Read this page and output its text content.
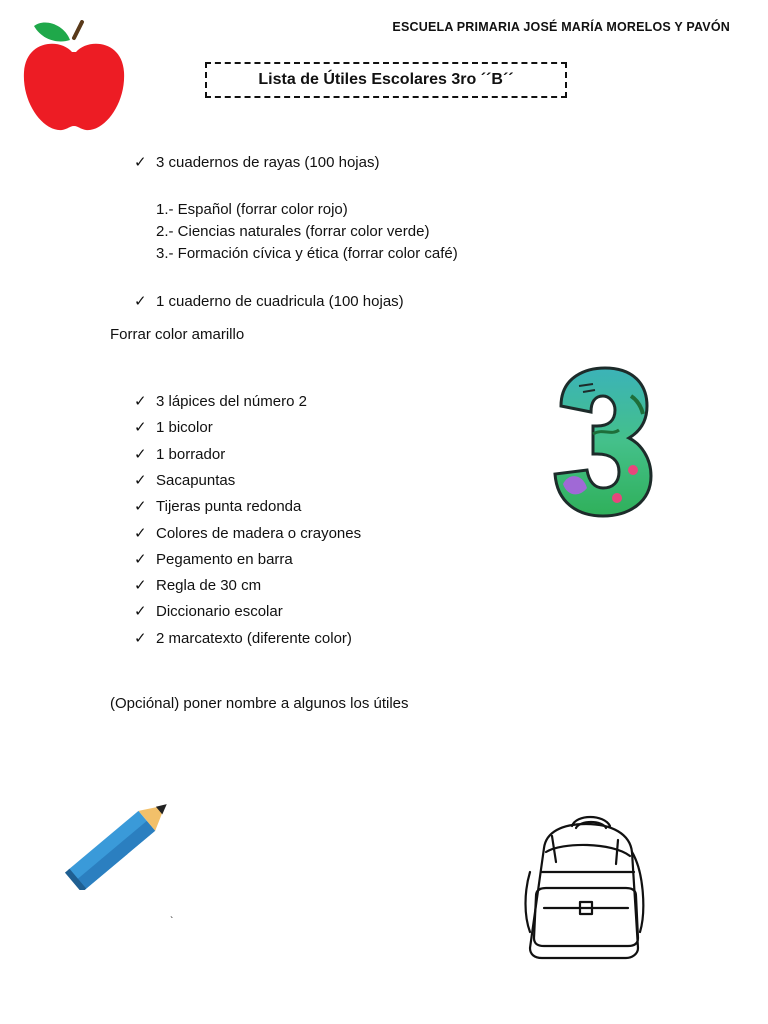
ESCUELA PRIMARIA JOSÉ MARÍA MORELOS Y PAVÓN
Lista de Útiles Escolares 3ro ´´B´´
✓ 3 cuadernos de rayas (100 hojas)
1.- Español (forrar color rojo)
2.- Ciencias naturales (forrar color verde)
3.- Formación cívica y ética (forrar color café)
✓ 1 cuaderno de cuadricula (100 hojas)
Forrar color amarillo
✓ 3 lápices del número 2
✓ 1 bicolor
✓ 1 borrador
✓ Sacapuntas
✓ Tijeras punta redonda
✓ Colores de madera o crayones
✓ Pegamento en barra
✓ Regla de 30 cm
✓ Diccionario escolar
✓ 2 marcatexto (diferente color)
(Opciónal) poner nombre a algunos los útiles
`
